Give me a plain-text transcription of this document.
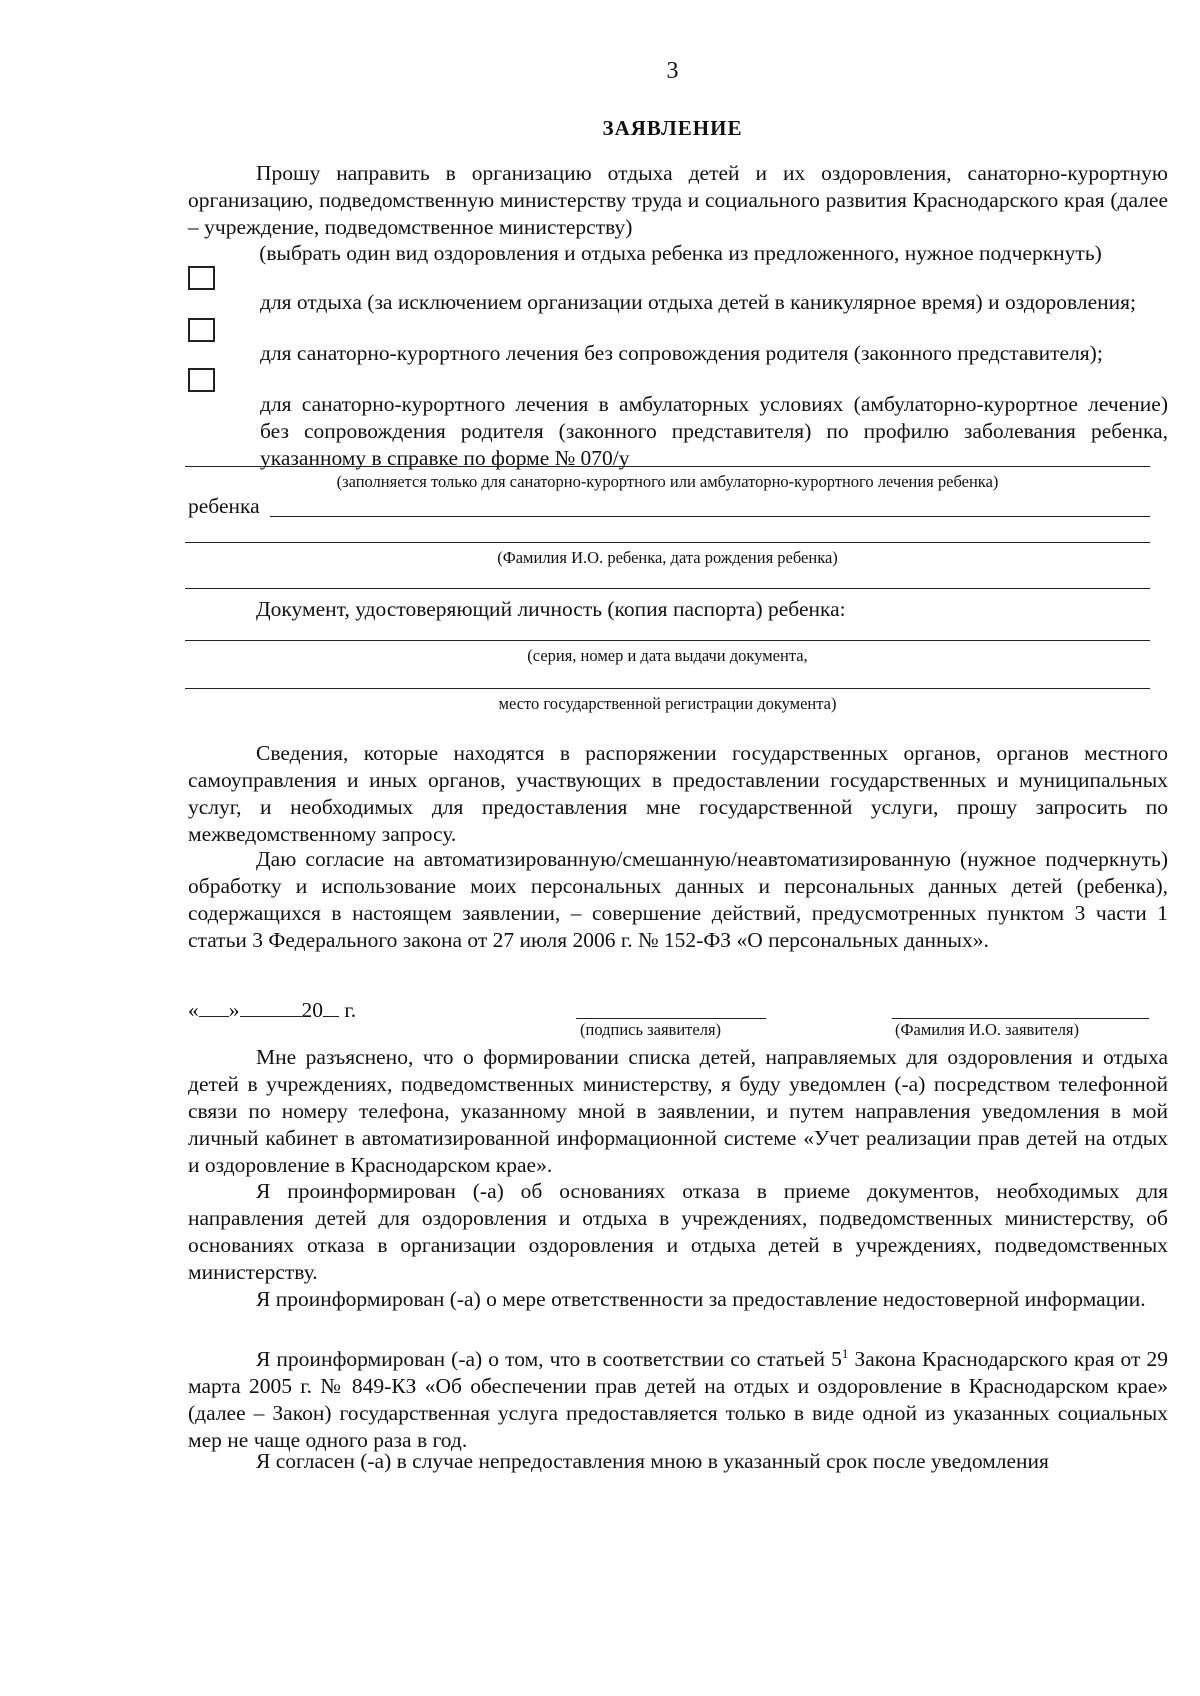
3
ЗАЯВЛЕНИЕ

Прошу направить в организацию отдыха детей и их оздоровления, санаторно-курортную организацию, подведомственную министерству труда и социального развития Краснодарского края (далее – учреждение, подведомственное министерству)

(выбрать один вид оздоровления и отдыха ребенка из предложенного, нужное подчеркнуть)

для отдыха (за исключением организации отдыха детей в каникулярное время) и оздоровления;

для санаторно-курортного лечения без сопровождения родителя (законного представителя);

для санаторно-курортного лечения в амбулаторных условиях (амбулаторно-курортное лечение) без сопровождения родителя (законного представителя) по профилю заболевания ребенка, указанному в справке по форме № 070/у

(заполняется только для санаторно-курортного или амбулаторно-курортного лечения ребенка)
ребенка
(Фамилия И.О. ребенка, дата рождения ребенка)
Документ, удостоверяющий личность (копия паспорта) ребенка:
(серия, номер и дата выдачи документа,
место государственной регистрации документа)

Сведения, которые находятся в распоряжении государственных органов, органов местного самоуправления и иных органов, участвующих в предоставлении государственных и муниципальных услуг, и необходимых для предоставления мне государственной услуги, прошу запросить по межведомственному запросу.

Даю согласие на автоматизированную/смешанную/неавтоматизированную (нужное подчеркнуть) обработку и использование моих персональных данных и персональных данных детей (ребенка), содержащихся в настоящем заявлении, – совершение действий, предусмотренных пунктом 3 части 1 статьи 3 Федерального закона от 27 июля 2006 г. № 152-ФЗ «О персональных данных».

« »	20 г.
(подпись заявителя)	(Фамилия И.О. заявителя)

Мне разъяснено, что о формировании списка детей, направляемых для оздоровления и отдыха детей в учреждениях, подведомственных министерству, я буду уведомлен (-а) посредством телефонной связи по номеру телефона, указанному мной в заявлении, и путем направления уведомления в мой личный кабинет в автоматизированной информационной системе «Учет реализации прав детей на отдых и оздоровление в Краснодарском крае».

Я проинформирован (-а) об основаниях отказа в приеме документов, необходимых для направления детей для оздоровления и отдыха в учреждениях, подведомственных министерству, об основаниях отказа в организации оздоровления и отдыха детей в учреждениях, подведомственных министерству.

Я проинформирован (-а) о мере ответственности за предоставление недостоверной информации.

Я проинформирован (-а) о том, что в соответствии со статьей $5^1$ Закона Краснодарского края от 29 марта 2005 г. № 849-КЗ «Об обеспечении прав детей на отдых и оздоровление в Краснодарском крае» (далее – Закон) государственная услуга предоставляется только в виде одной из указанных социальных мер не чаще одного раза в год.

Я согласен (-а) в случае непредоставления мною в указанный срок после уведомления
